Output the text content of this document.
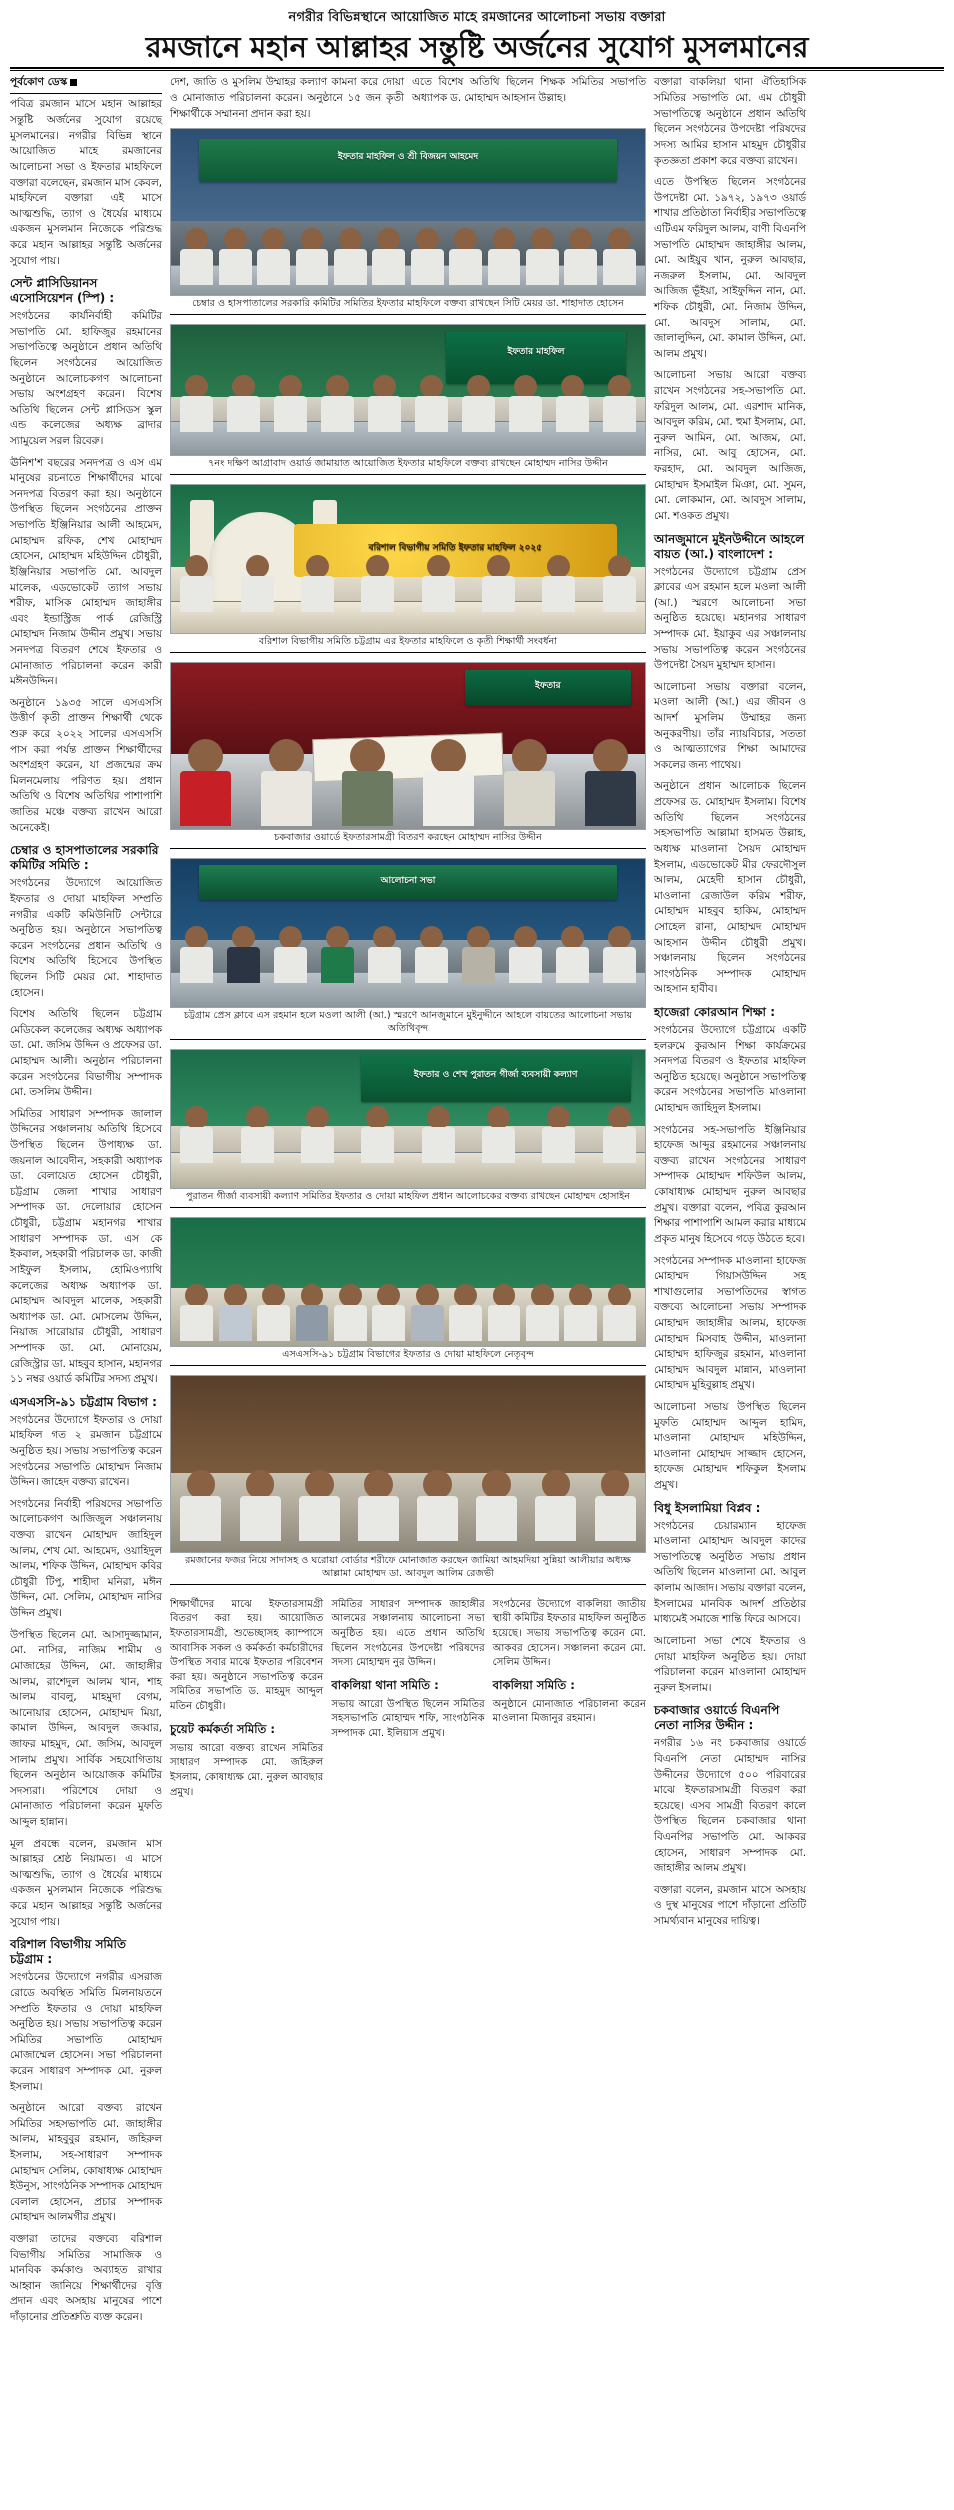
নগরীর বিভিন্নস্থানে আয়োজিত মাহে রমজানের আলোচনা সভায় বক্তারা
রমজানে মহান আল্লাহর সন্তুষ্টি অর্জনের সুযোগ মুসলমানের
পূর্বকোণ ডেস্ক

পবিত্র রমজান মাসে মহান আল্লাহর সন্তুষ্টি অর্জনের সুযোগ রয়েছে মুসলমানের। নগরীর বিভিন্ন স্থানে আয়োজিত মাহে রমজানের আলোচনা সভা ও ইফতার মাহফিলে বক্তারা বলেছেন, রমজান মাস কেবল, মাহফিলে বক্তারা এই মাসে আত্মশুদ্ধি, ত্যাগ ও ধৈর্যের মাধ্যমে একজন মুসলমান নিজেকে পরিশুদ্ধ করে মহান আল্লাহর সন্তুষ্টি অর্জনের সুযোগ পায়।

সেন্ট প্লাসিডিয়ানস এসোসিয়েশন (স্পি) :

সংগঠনের কার্যনির্বাহী কমিটির সভাপতি মো. হাফিজুর রহমানের সভাপতিত্বে অনুষ্ঠানে প্রধান অতিথি ছিলেন সংগঠনের আয়োজিত অনুষ্ঠানে আলোচকগণ আলোচনা সভায় অংশগ্রহণ করেন। বিশেষ অতিথি ছিলেন সেন্ট প্লাসিডস স্কুল এন্ড কলেজের অধ্যক্ষ ব্রাদার স্যামুয়েল সরল রিবেরু।

ঊনিশ'শ বছরের সনদপত্র ও এস এম মানুষের রচনাতে শিক্ষার্থীদের মাঝে সনদপত্র বিতরণ করা হয়। অনুষ্ঠানে উপস্থিত ছিলেন সংগঠনের প্রাক্তন সভাপতি ইঞ্জিনিয়ার আলী আহমেদ, মোহাম্মদ রফিক, শেখ মোহাম্মদ হোসেন, মোহাম্মদ মহিউদ্দিন চৌধুরী, ইঞ্জিনিয়ার সভাপতি মো. আবদুল মালেক, এডভোকেট ত্যাগ সভায় শরীফ, মাসিক মোহাম্মদ জাহাঙ্গীর এবং ইন্ডাস্ট্রিজ পার্ক রেজিস্ট্রি মোহাম্মদ নিজাম উদ্দীন প্রমুখ। সভায় সনদপত্র বিতরণ শেষে ইফতার ও মোনাজাত পরিচালনা করেন কারী মঈনউদ্দিন।

অনুষ্ঠানে ১৯৩৫ সালে এসএসসি উত্তীর্ণ কৃতী প্রাক্তন শিক্ষার্থী থেকে শুরু করে ২০২২ সালের এসএসসি পাস করা পর্যন্ত প্রাক্তন শিক্ষার্থীদের অংশগ্রহণ করেন, যা প্রজন্মের ক্রম মিলনমেলায় পরিণত হয়। প্রধান অতিথি ও বিশেষ অতিথির পাশাপাশি জাতির মঞ্চে বক্তব্য রাখেন আরো অনেকেই।

চেম্বার ও হাসপাতালের সরকারি কমিটির সমিতি :

সংগঠনের উদ্যোগে আয়োজিত ইফতার ও দোয়া মাহফিল সম্প্রতি নগরীর একটি কমিউনিটি সেন্টারে অনুষ্ঠিত হয়। অনুষ্ঠানে সভাপতিত্ব করেন সংগঠনের প্রধান অতিথি ও বিশেষ অতিথি হিসেবে উপস্থিত ছিলেন সিটি মেয়র মো. শাহাদাত হোসেন।

বিশেষ অতিথি ছিলেন চট্টগ্রাম মেডিকেল কলেজের অধ্যক্ষ অধ্যাপক ডা. মো. জসিম উদ্দিন ও প্রফেসর ডা. মোহাম্মদ আলী। অনুষ্ঠান পরিচালনা করেন সংগঠনের বিভাগীয় সম্পাদক মো. তসলিম উদ্দীন।

সমিতির সাধারণ সম্পাদক জালাল উদ্দিনের সঞ্চালনায় অতিথি হিসেবে উপস্থিত ছিলেন উপাধ্যক্ষ ডা. জয়নাল আবেদীন, সহকারী অধ্যাপক ডা. বেলায়েত হোসেন চৌধুরী, চট্টগ্রাম জেলা শাখার সাধারণ সম্পাদক ডা. দেলোয়ার হোসেন চৌধুরী, চট্টগ্রাম মহানগর শাখার সাধারণ সম্পাদক ডা. এস কে ইকবাল, সহকারী পরিচালক ডা. কাজী সাইফুল ইসলাম, হোমিওপ্যাথি কলেজের অধ্যক্ষ অধ্যাপক ডা. মোহাম্মদ আবদুল মালেক, সহকারী অধ্যাপক ডা. মো. মোসলেম উদ্দিন, নিয়াজ সারোয়ার চৌধুরী, সাধারণ সম্পাদক ডা. মো. মোনায়েম, রেজিস্ট্রার ডা. মাহবুব হাসান, মহানগর ১১ নম্বর ওয়ার্ড কমিটির সদস্য প্রমুখ।

এসএসসি-৯১ চট্টগ্রাম বিভাগ :

সংগঠনের উদ্যোগে ইফতার ও দোয়া মাহফিল গত ২ রমজান চট্টগ্রামে অনুষ্ঠিত হয়। সভায় সভাপতিত্ব করেন সংগঠনের সভাপতি মোহাম্মদ নিজাম উদ্দিন। জাহেদ বক্তব্য রাখেন।

সংগঠনের নির্বাহী পরিষদের সভাপতি আলোচকগণ আজিজুল সঞ্চালনায় বক্তব্য রাখেন মোহাম্মদ জাহিদুল আলম, শেখ মো. আহমেদ, ওয়াহিদুল আলম, শফিক উদ্দিন, মোহাম্মদ কবির চৌধুরী টিপু, শাহীদা মনিরা, মঈন উদ্দিন, মো. সেলিম, মোহাম্মদ নাসির উদ্দিন প্রমুখ।

উপস্থিত ছিলেন মো. আসাদুজ্জামান, মো. নাসির, নাজিম শামীম ও মোজাহের উদ্দিন, মো. জাহাঙ্গীর আলম, রাশেদুল আলম খান, শাহ আলম বাবলু, মাহমুদা বেগম, আনোয়ার হোসেন, মোহাম্মদ মিয়া, কামাল উদ্দিন, আবদুল জব্বার, জাফর মাহমুদ, মো. জসিম, আবদুল সালাম প্রমুখ। সার্বিক সহযোগিতায় ছিলেন অনুষ্ঠান আয়োজক কমিটির সদস্যরা। পরিশেষে দোয়া ও মোনাজাত পরিচালনা করেন মুফতি আব্দুল হান্নান।

মূল প্রবন্ধে বলেন, রমজান মাস আল্লাহর শ্রেষ্ঠ নিয়ামত। এ মাসে আত্মশুদ্ধি, ত্যাগ ও ধৈর্যের মাধ্যমে একজন মুসলমান নিজেকে পরিশুদ্ধ করে মহান আল্লাহর সন্তুষ্টি অর্জনের সুযোগ পায়।

বরিশাল বিভাগীয় সমিতি চট্টগ্রাম :

সংগঠনের উদ্যোগে নগরীর এসরাজ রোডে অবস্থিত সমিতি মিলনায়তনে সম্প্রতি ইফতার ও দোয়া মাহফিল অনুষ্ঠিত হয়। সভায় সভাপতিত্ব করেন সমিতির সভাপতি মোহাম্মদ মোজাম্মেল হোসেন। সভা পরিচালনা করেন সাধারণ সম্পাদক মো. নুরুল ইসলাম।

অনুষ্ঠানে আরো বক্তব্য রাখেন সমিতির সহসভাপতি মো. জাহাঙ্গীর আলম, মাহবুবুর রহমান, জহিরুল ইসলাম, সহ-সাধারণ সম্পাদক মোহাম্মদ সেলিম, কোষাধ্যক্ষ মোহাম্মদ ইউনুস, সাংগঠনিক সম্পাদক মোহাম্মদ বেলাল হোসেন, প্রচার সম্পাদক মোহাম্মদ আলমগীর প্রমুখ।

বক্তারা তাদের বক্তব্যে বরিশাল বিভাগীয় সমিতির সামাজিক ও মানবিক কর্মকাণ্ড অব্যাহত রাখার আহ্বান জানিয়ে শিক্ষার্থীদের বৃত্তি প্রদান এবং অসহায় মানুষের পাশে দাঁড়ানোর প্রতিশ্রুতি ব্যক্ত করেন।

দেশ, জাতি ও মুসলিম উম্মাহর কল্যাণ কামনা করে দোয়া ও মোনাজাত পরিচালনা করেন। অনুষ্ঠানে ১৫ জন কৃতী শিক্ষার্থীকে সম্মাননা প্রদান করা হয়।

এতে বিশেষ অতিথি ছিলেন শিক্ষক সমিতির সভাপতি অধ্যাপক ড. মোহাম্মদ আহসান উল্লাহ।

ইফতার মাহফিল ও শ্রী বিজয়ন আহমেদ
চেম্বার ও হাসপাতালের সরকারি কমিটির সমিতির ইফতার মাহফিলে বক্তব্য রাখছেন সিটি মেয়র ডা. শাহাদাত হোসেন
ইফতার মাহফিল
৭নং দক্ষিণ আগ্রাবাদ ওয়ার্ড জামায়াত আয়োজিত ইফতার মাহফিলে বক্তব্য রাখছেন মোহাম্মদ নাসির উদ্দীন
বরিশাল বিভাগীয় সমিতি ইফতার মাহফিল ২০২৫
বরিশাল বিভাগীয় সমিতি চট্টগ্রাম এর ইফতার মাহফিলে ও কৃতী শিক্ষার্থী সংবর্ধনা
ইফতার
চকবাজার ওয়ার্ডে ইফতারসামগ্রী বিতরণ করছেন মোহাম্মদ নাসির উদ্দীন
আলোচনা সভা
চট্টগ্রাম প্রেস ক্লাবে এস রহমান হলে মওলা আলী (আ.) স্মরণে আনজুমানে মুইনুদ্দীনে আহলে বায়তের আলোচনা সভায় অতিথিবৃন্দ
ইফতার ও শেখ পুরাতন গীর্জা ব্যবসায়ী কল্যাণ
পুরাতন গীর্জা ব্যবসায়ী কল্যাণ সমিতির ইফতার ও দোয়া মাহফিল প্রধান আলোচকের বক্তব্য রাখছেন মোহাম্মদ হোসাইন
এসএসসি-৯১ চট্টগ্রাম বিভাগের ইফতার ও দোয়া মাহফিলে নেতৃবৃন্দ
রমজানের ফজর নিয়ে সাদাসহ ও ঘরোয়া বোর্ডার শরীফে মোনাজাত করছেন জামিয়া আহমদিয়া সুন্নিয়া আলীয়ার অধ্যক্ষ আল্লামা মোহাম্মদ ডা. আবদুল আলিম রেজভী

শিক্ষার্থীদের মাঝে ইফতারসামগ্রী বিতরণ করা হয়। আয়োজিত ইফতারসামগ্রী, শুভেচ্ছাসহ ক্যাম্পাসে আবাসিক সকল ও কর্মকর্তা কর্মচারীদের উপস্থিত সবার মাঝে ইফতার পরিবেশন করা হয়। অনুষ্ঠানে সভাপতিত্ব করেন সমিতির সভাপতি ড. মাহমুদ আব্দুল মতিন চৌধুরী।

চুয়েট কর্মকর্তা সমিতি :

সভায় আরো বক্তব্য রাখেন সমিতির সাধারণ সম্পাদক মো. জহিরুল ইসলাম, কোষাধ্যক্ষ মো. নুরুল আবছার প্রমুখ।

সমিতির সাধারণ সম্পাদক জাহাঙ্গীর আলমের সঞ্চালনায় আলোচনা সভা অনুষ্ঠিত হয়। এতে প্রধান অতিথি ছিলেন সংগঠনের উপদেষ্টা পরিষদের সদস্য মোহাম্মদ নুর উদ্দিন।

বাকলিয়া থানা সমিতি :

সভায় আরো উপস্থিত ছিলেন সমিতির সহসভাপতি মোহাম্মদ শফি, সাংগঠনিক সম্পাদক মো. ইলিয়াস প্রমুখ।

সংগঠনের উদ্যোগে বাকলিয়া জাতীয় স্থায়ী কমিটির ইফতার মাহফিল অনুষ্ঠিত হয়েছে। সভায় সভাপতিত্ব করেন মো. আকবর হোসেন। সঞ্চালনা করেন মো. সেলিম উদ্দিন।

বাকলিয়া সমিতি :

অনুষ্ঠানে মোনাজাত পরিচালনা করেন মাওলানা মিজানুর রহমান।

বক্তারা বাকলিয়া থানা ঐতিহাসিক সমিতির সভাপতি মো. এম চৌধুরী সভাপতিত্বে অনুষ্ঠানে প্রধান অতিথি ছিলেন সংগঠনের উপদেষ্টা পরিষদের সদস্য আমির হাসান মাহমুদ চৌধুরীর কৃতজ্ঞতা প্রকাশ করে বক্তব্য রাখেন।

এতে উপস্থিত ছিলেন সংগঠনের উপদেষ্টা মো. ১৯৭২, ১৯৭৩ ওয়ার্ড শাখার প্রতিষ্ঠাতা নির্বাহীর সভাপতিত্বে এটিএম ফরিদুল আলম, বাণী বিএনপি সভাপতি মোহাম্মদ জাহাঙ্গীর আলম, মো. আইয়ুব খান, নুরুল আবছার, নজরুল ইসলাম, মো. আবদুল আজিজ ভূঁইয়া, সাইফুদ্দিন নান, মো. শফিক চৌধুরী, মো. নিজাম উদ্দিন, মো. আবদুস সালাম, মো. জালালুদ্দিন, মো. কামাল উদ্দিন, মো. আলম প্রমুখ।

আলোচনা সভায় আরো বক্তব্য রাখেন সংগঠনের সহ-সভাপতি মো. ফরিদুল আলম, মো. এরশাদ মানিক, আবদুল করিম, মো. হুমা ইসলাম, মো. নুরুল আমিন, মো. আজম, মো. নাসির, মো. আবু হোসেন, মো. ফরহাদ, মো. আবদুল আজিজ, মোহাম্মদ ইসমাইল মিঞা, মো. সুমন, মো. লোকমান, মো. আবদুস সালাম, মো. শওকত প্রমুখ।

আনজুমানে মুইনউদ্দীনে আহলে বায়ত (আ.) বাংলাদেশ :

সংগঠনের উদ্যোগে চট্টগ্রাম প্রেস ক্লাবের এস রহমান হলে মওলা আলী (আ.) স্মরণে আলোচনা সভা অনুষ্ঠিত হয়েছে। মহানগর সাধারণ সম্পাদক মো. ইয়াকুব এর সঞ্চালনায় সভায় সভাপতিত্ব করেন সংগঠনের উপদেষ্টা সৈয়দ মুহাম্মদ হাসান।

আলোচনা সভায় বক্তারা বলেন, মওলা আলী (আ.) এর জীবন ও আদর্শ মুসলিম উম্মাহর জন্য অনুকরণীয়। তাঁর ন্যায়বিচার, সততা ও আত্মত্যাগের শিক্ষা আমাদের সকলের জন্য পাথেয়।

অনুষ্ঠানে প্রধান আলোচক ছিলেন প্রফেসর ড. মোহাম্মদ ইসলাম। বিশেষ অতিথি ছিলেন সংগঠনের সহসভাপতি আল্লামা হাসমত উল্লাহ, অধ্যক্ষ মাওলানা সৈয়দ মোহাম্মদ ইসলাম, এডভোকেট মীর ফেরদৌসুল আলম, মেহেদী হাসান চৌধুরী, মাওলানা রেজাউল করিম শরীফ, মোহাম্মদ মাহবুব হাকিম, মোহাম্মদ সোহেল রানা, মোহাম্মদ মোহাম্মদ আহসান উদ্দীন চৌধুরী প্রমুখ। সঞ্চালনায় ছিলেন সংগঠনের সাংগঠনিক সম্পাদক মোহাম্মদ আহসান হাবীব।

হাজেরা কোরআন শিক্ষা :

সংগঠনের উদ্যোগে চট্টগ্রামে একটি হলরুমে কুরআন শিক্ষা কার্যক্রমের সনদপত্র বিতরণ ও ইফতার মাহফিল অনুষ্ঠিত হয়েছে। অনুষ্ঠানে সভাপতিত্ব করেন সংগঠনের সভাপতি মাওলানা মোহাম্মদ জাহিদুল ইসলাম।

সংগঠনের সহ-সভাপতি ইঞ্জিনিয়ার হাফেজ আব্দুর রহমানের সঞ্চালনায় বক্তব্য রাখেন সংগঠনের সাধারণ সম্পাদক মোহাম্মদ শফিউল আলম, কোষাধ্যক্ষ মোহাম্মদ নুরুল আবছার প্রমুখ। বক্তারা বলেন, পবিত্র কুরআন শিক্ষার পাশাপাশি আমল করার মাধ্যমে প্রকৃত মানুষ হিসেবে গড়ে উঠতে হবে।

সংগঠনের সম্পাদক মাওলানা হাফেজ মোহাম্মদ গিয়াসউদ্দিন সহ শাখাগুলোর সভাপতিদের স্বাগত বক্তব্যে আলোচনা সভায় সম্পাদক মোহাম্মদ জাহাঙ্গীর আলম, হাফেজ মোহাম্মদ মিসবাহ উদ্দীন, মাওলানা মোহাম্মদ হাফিজুর রহমান, মাওলানা মোহাম্মদ আবদুল মান্নান, মাওলানা মোহাম্মদ মুহিবুল্লাহ প্রমুখ।

আলোচনা সভায় উপস্থিত ছিলেন মুফতি মোহাম্মদ আব্দুল হামিদ, মাওলানা মোহাম্মদ মহিউদ্দিন, মাওলানা মোহাম্মদ সাজ্জাদ হোসেন, হাফেজ মোহাম্মদ শফিকুল ইসলাম প্রমুখ।

বিধু ইসলামিয়া বিপ্লব :

সংগঠনের চেয়ারম্যান হাফেজ মাওলানা মোহাম্মদ আবদুল কাদের সভাপতিত্বে অনুষ্ঠিত সভায় প্রধান অতিথি ছিলেন মাওলানা মো. আবুল কালাম আজাদ। সভায় বক্তারা বলেন, ইসলামের মানবিক আদর্শ প্রতিষ্ঠার মাধ্যমেই সমাজে শান্তি ফিরে আসবে।

আলোচনা সভা শেষে ইফতার ও দোয়া মাহফিল অনুষ্ঠিত হয়। দোয়া পরিচালনা করেন মাওলানা মোহাম্মদ নুরুল ইসলাম।

চকবাজার ওয়ার্ডে বিএনপি নেতা নাসির উদ্দীন :

নগরীর ১৬ নং চকবাজার ওয়ার্ডে বিএনপি নেতা মোহাম্মদ নাসির উদ্দীনের উদ্যোগে ৫০০ পরিবারের মাঝে ইফতারসামগ্রী বিতরণ করা হয়েছে। এসব সামগ্রী বিতরণ কালে উপস্থিত ছিলেন চকবাজার থানা বিএনপির সভাপতি মো. আকবর হোসেন, সাধারণ সম্পাদক মো. জাহাঙ্গীর আলম প্রমুখ।

বক্তারা বলেন, রমজান মাসে অসহায় ও দুস্থ মানুষের পাশে দাঁড়ানো প্রতিটি সামর্থ্যবান মানুষের দায়িত্ব।
